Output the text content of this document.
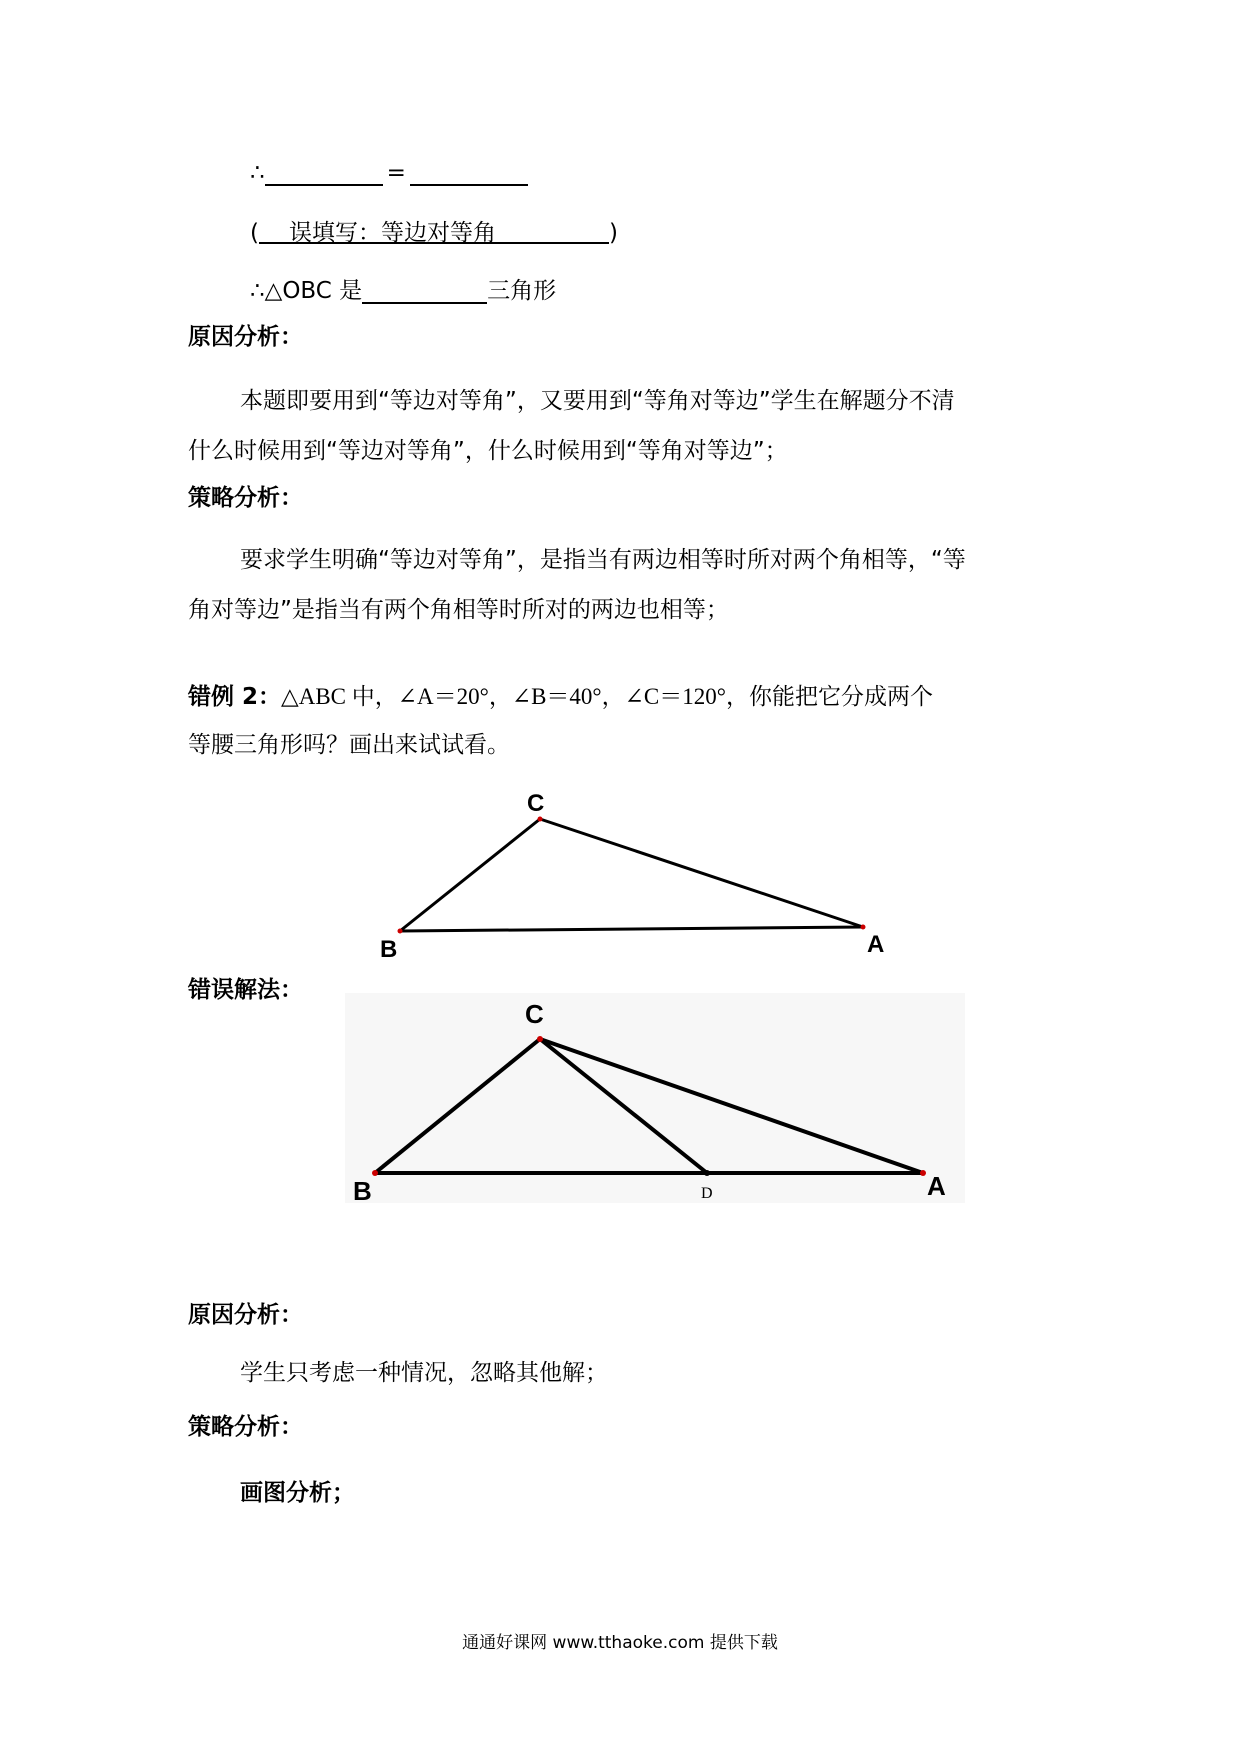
∴	=
( 误填写：等边对等角	)
∴△OBC 是	三角形
原因分析：
本题即要用到“等边对等角”，又要用到“等角对等边”学生在解题分不清
什么时候用到“等边对等角”，什么时候用到“等角对等边”；
策略分析：
要求学生明确“等边对等角”，是指当有两边相等时所对两个角相等，“等
角对等边”是指当有两个角相等时所对的两边也相等；
错例 2：△ABC 中，∠A＝20°，∠B＝40°，∠C＝120°，你能把它分成两个
等腰三角形吗？画出来试试看。
C
B	A
错误解法：
C
B	A
D
原因分析：
学生只考虑一种情况，忽略其他解；
策略分析：
画图分析；
通通好课网 www.tthaoke.com 提供下载
